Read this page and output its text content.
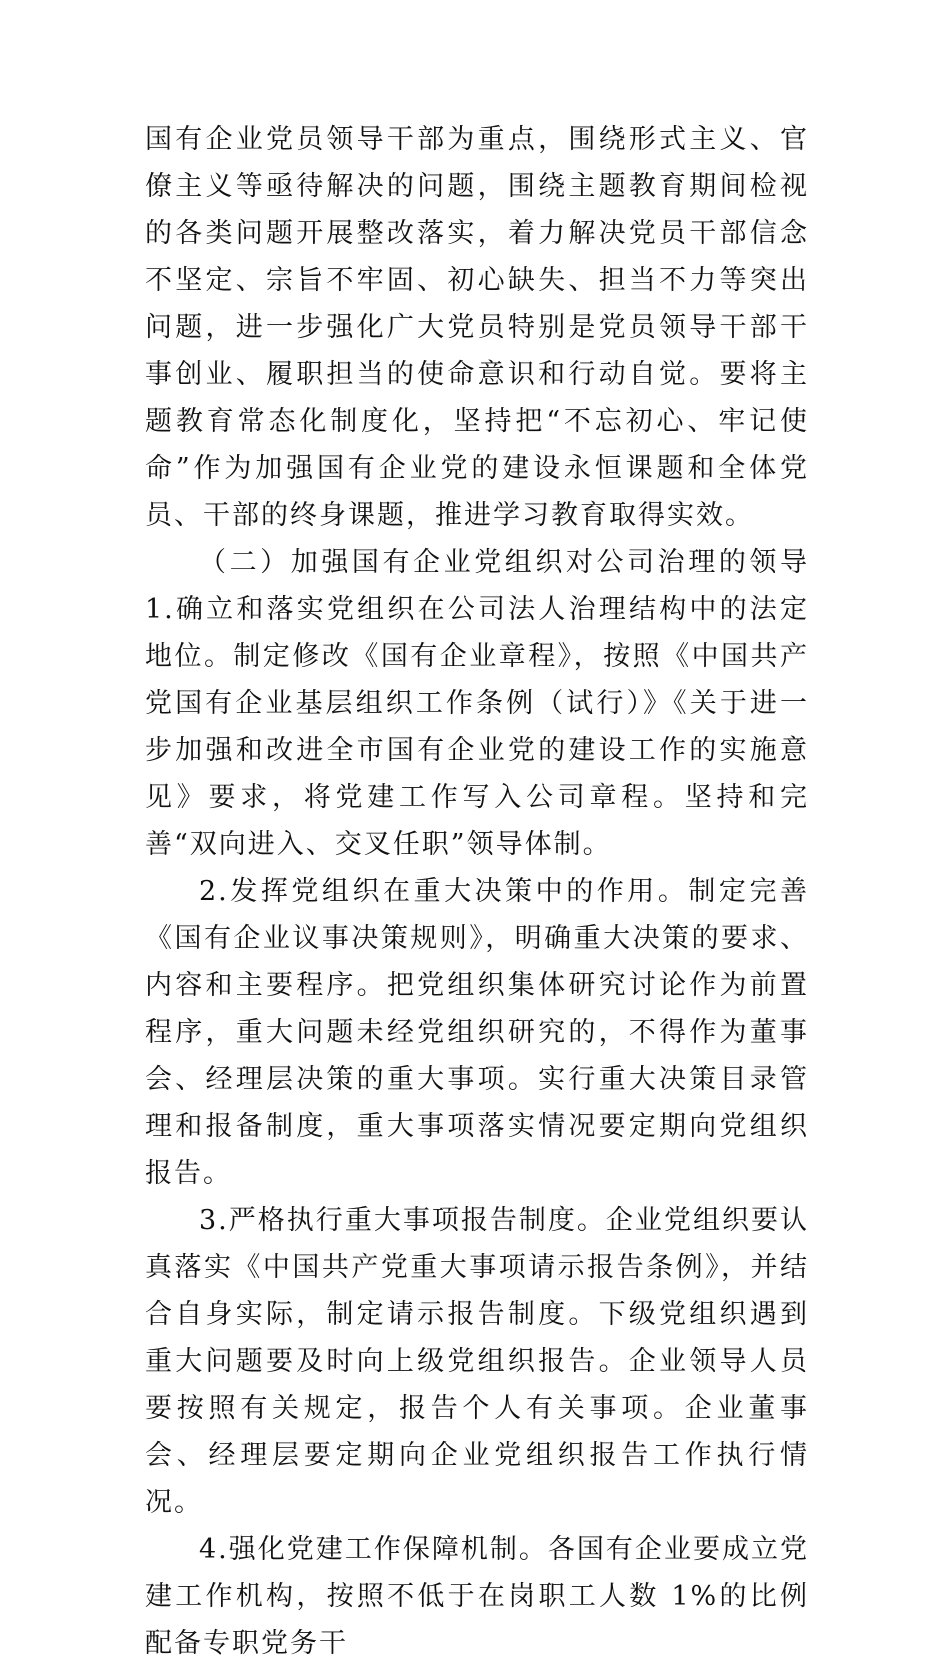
国有企业党员领导干部为重点，围绕形式主义、官僚主义等亟待解决的问题，围绕主题教育期间检视的各类问题开展整改落实，着力解决党员干部信念不坚定、宗旨不牢固、初心缺失、担当不力等突出问题，进一步强化广大党员特别是党员领导干部干事创业、履职担当的使命意识和行动自觉。要将主题教育常态化制度化，坚持把“不忘初心、牢记使命”作为加强国有企业党的建设永恒课题和全体党员、干部的终身课题，推进学习教育取得实效。

（二）加强国有企业党组织对公司治理的领导 1.确立和落实党组织在公司法人治理结构中的法定地位。制定修改《国有企业章程》，按照《中国共产党国有企业基层组织工作条例（试行）》《关于进一步加强和改进全市国有企业党的建设工作的实施意见》要求，将党建工作写入公司章程。坚持和完善“双向进入、交叉任职”领导体制。

2.发挥党组织在重大决策中的作用。制定完善《国有企业议事决策规则》，明确重大决策的要求、内容和主要程序。把党组织集体研究讨论作为前置程序，重大问题未经党组织研究的，不得作为董事会、经理层决策的重大事项。实行重大决策目录管理和报备制度，重大事项落实情况要定期向党组织报告。

3.严格执行重大事项报告制度。企业党组织要认真落实《中国共产党重大事项请示报告条例》，并结合自身实际，制定请示报告制度。下级党组织遇到重大问题要及时向上级党组织报告。企业领导人员要按照有关规定，报告个人有关事项。企业董事会、经理层要定期向企业党组织报告工作执行情况。

4.强化党建工作保障机制。各国有企业要成立党建工作机构，按照不低于在岗职工人数 1%的比例配备专职党务干
